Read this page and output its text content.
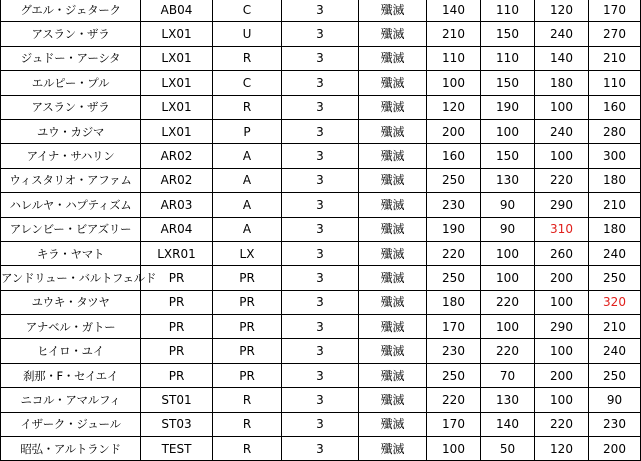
グエル・ジェターク	AB04	C	3	殲滅	140	110	120	170
アスラン・ザラ	LX01	U	3	殲滅	210	150	240	270
ジュドー・アーシタ	LX01	R	3	殲滅	110	110	140	210
エルピー・プル	LX01	C	3	殲滅	100	150	180	110
アスラン・ザラ	LX01	R	3	殲滅	120	190	100	160
ユウ・カジマ	LX01	P	3	殲滅	200	100	240	280
アイナ・サハリン	AR02	A	3	殲滅	160	150	100	300
ウィスタリオ・アファム	AR02	A	3	殲滅	250	130	220	180
ハレルヤ・ハプティズム	AR03	A	3	殲滅	230	90	290	210
アレンビー・ビアズリー	AR04	A	3	殲滅	190	90	310	180
キラ・ヤマト	LXR01	LX	3	殲滅	220	100	260	240
アンドリュー・バルトフェルド	PR	PR	3	殲滅	250	100	200	250
ユウキ・タツヤ	PR	PR	3	殲滅	180	220	100	320
アナベル・ガトー	PR	PR	3	殲滅	170	100	290	210
ヒイロ・ユイ	PR	PR	3	殲滅	230	220	100	240
刹那・F・セイエイ	PR	PR	3	殲滅	250	70	200	250
ニコル・アマルフィ	ST01	R	3	殲滅	220	130	100	90
イザーク・ジュール	ST03	R	3	殲滅	170	140	220	230
昭弘・アルトランド	TEST	R	3	殲滅	100	50	120	200
